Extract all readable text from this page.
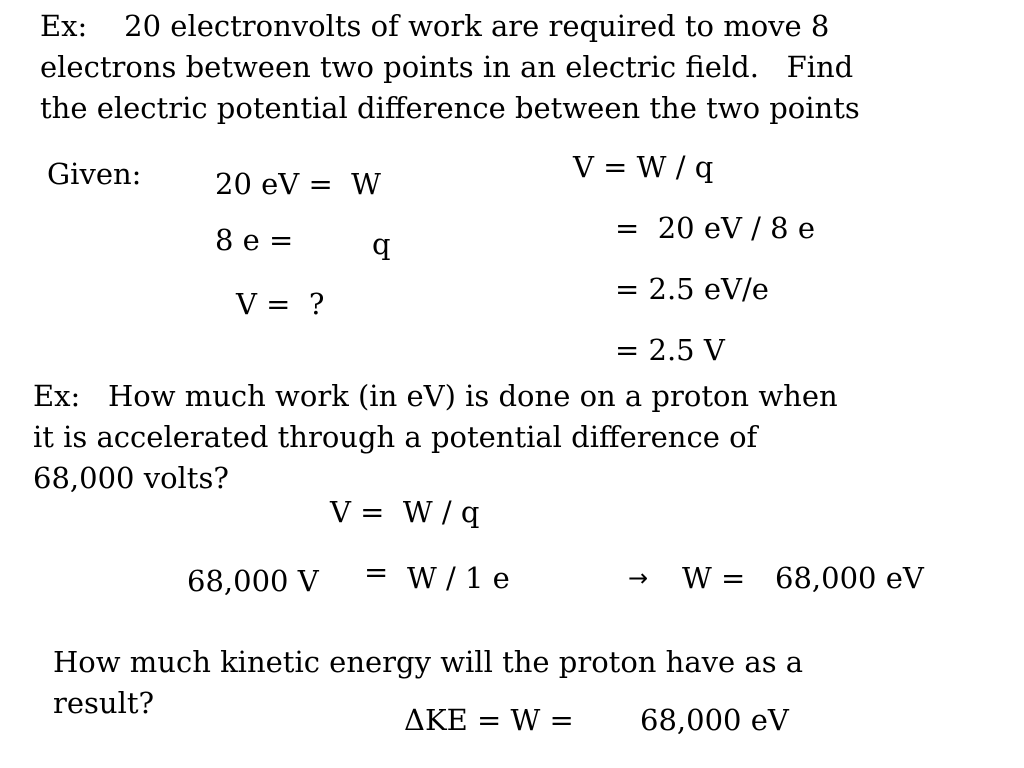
Ex:    20 electronvolts of work are required to move 8
electrons between two points in an electric field.   Find
the electric potential difference between the two points
Given:	20 eV =  W
8 e =	q
V =  ?
V = W / q
=  20 eV / 8 e
= 2.5 eV/e
= 2.5 V
Ex:   How much work (in eV) is done on a proton when
it is accelerated through a potential difference of
68,000 volts?
V =  W / q
68,000 V = W / 1 e	→ W = 68,000 eV
How much kinetic energy will the proton have as a
result?	ΔKE = W = 68,000 eV
